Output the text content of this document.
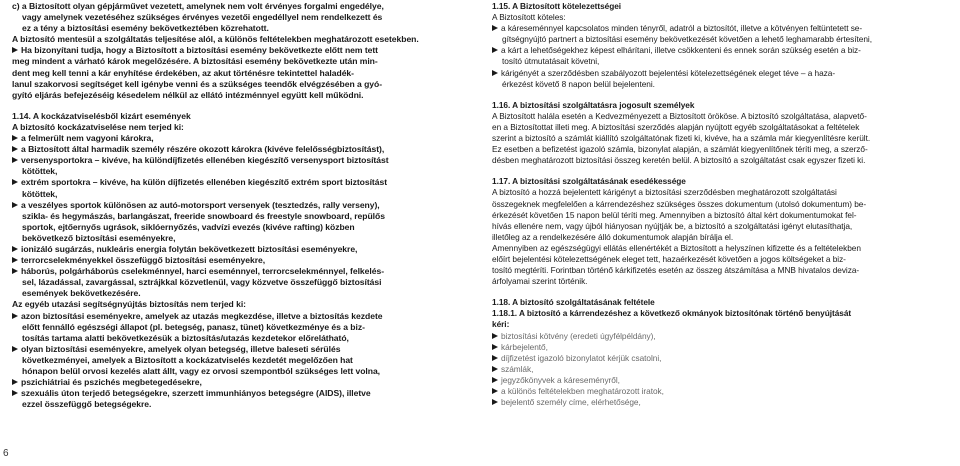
c) a Biztosított olyan gépjárművet vezetett, amelynek nem volt érvényes forgalmi engedélye,
vagy amelynek vezetéséhez szükséges érvényes vezetői engedéllyel nem rendelkezett és
ez a tény a biztosítási esemény bekövetkeztében közrehatott.
A biztosító mentesül a szolgáltatás teljesítése alól, a különös feltételekben meghatározott esetekben.
Ha bizonyítani tudja, hogy a Biztosított a biztosítási esemény bekövetkezte előtt nem tett
meg mindent a várható károk megelőzésére. A biztosítási esemény bekövetkezte után min-
dent meg kell tenni a kár enyhítése érdekében, az akut történésre tekintettel haladék-
lanul szakorvosi segítséget kell igénybe venni és a szükséges teendők elvégzésében a gyó-
gyító eljárás befejezéséig késedelem nélkül az ellátó intézménnyel együtt kell működni.
1.14. A kockázatviselésből kizárt események
A biztosító kockázatviselése nem terjed ki:
a felmerült nem vagyoni károkra,
a Biztosított által harmadik személy részére okozott károkra (kivéve felelősségbiztosítást),
versenysportokra – kivéve, ha különdíjfizetés ellenében kiegészítő versenysport biztosítást
kötöttek,
extrém sportokra – kivéve, ha külön díjfizetés ellenében kiegészítő extrém sport biztosítást
kötöttek,
a veszélyes sportok különösen az autó-motorsport versenyek (tesztedzés, rally verseny),
szikla- és hegymászás, barlangászat, freeride snowboard és freestyle snowboard, repülős
sportok, ejtőernyős ugrások, siklóernyőzés, vadvízi evezés (kivéve rafting) közben
bekövetkező biztosítási eseményekre,
ionizáló sugárzás, nukleáris energia folytán bekövetkezett biztosítási eseményekre,
terrorcselekményekkel összefüggő biztosítási eseményekre,
háborús, polgárháborús cselekménnyel, harci eseménnyel, terrorcselekménnyel, felkelés-
sel, lázadással, zavargással, sztrájkkal közvetlenül, vagy közvetve összefüggő biztosítási
események bekövetkezésére.
Az egyéb utazási segítségnyújtás biztosítás nem terjed ki:
azon biztosítási eseményekre, amelyek az utazás megkezdése, illetve a biztosítás kezdete
előtt fennálló egészségi állapot (pl. betegség, panasz, tünet) következménye és a biz-
tosítás tartama alatti bekövetkezésük a biztosítás/utazás kezdetekor előrelátható,
olyan biztosítási eseményekre, amelyek olyan betegség, illetve baleseti sérülés
következményei, amelyek a Biztosított a kockázatviselés kezdetét megelőzően hat
hónapon belül orvosi kezelés alatt állt, vagy ez orvosi szempontból szükséges lett volna,
pszichiátriai és pszichés megbetegedésekre,
szexuális úton terjedő betegségekre, szerzett immunhiányos betegségre (AIDS), illetve
ezzel összefüggő betegségekre.
1.15. A Biztosított kötelezettségei
A Biztosított köteles:
a káreseménnyel kapcsolatos minden tényről, adatról a biztosítót, illetve a kötvényen feltüntetett se-
gítségnyújtó partnert a biztosítási esemény bekövetkezését követően a lehető leghamarabb értesíteni,
a kárt a lehetőségekhez képest elhárítani, illetve csökkenteni és ennek során szükség esetén a biz-
tosító útmutatásait követni,
kárigényét a szerződésben szabályozott bejelentési kötelezettségének eleget téve – a haza-
érkezést követő 8 napon belül bejelenteni.
1.16. A biztosítási szolgáltatásra jogosult személyek
A Biztosított halála esetén a Kedvezményezett a Biztosított örököse. A biztosító szolgáltatása, alapvető-
en a Biztosítottat illeti meg. A biztosítási szerződés alapján nyújtott egyéb szolgáltatásokat a feltételek
szerint a biztosító a számlát kiállító szolgáltatónak fizeti ki, kivéve, ha a számla már kiegyenlítésre került.
Ez esetben a befizetést igazoló számla, bizonylat alapján, a számlát kiegyenlítőnek téríti meg, a szerző-
désben meghatározott biztosítási összeg keretén belül. A biztosító a szolgáltatást csak egyszer fizeti ki.
1.17. A biztosítási szolgáltatásának esedékessége
A biztosító a hozzá bejelentett kárigényt a biztosítási szerződésben meghatározott szolgáltatási
összegeknek megfelelően a kárrendezéshez szükséges összes dokumentum (utolsó dokumentum) be-
érkezését követően 15 napon belül téríti meg. Amennyiben a biztosító által kért dokumentumokat fel-
hívás ellenére nem, vagy újból hiányosan nyújtják be, a biztosító a szolgáltatási igényt elutasíthatja,
illetőleg az a rendelkezésére álló dokumentumok alapján bírálja el.
Amennyiben az egészségügyi ellátás ellenértékét a Biztosított a helyszínen kifizette és a feltételekben
előírt bejelentési kötelezettségének eleget tett, hazaérkezését követően a jogos költségeket a biz-
tosító megtéríti. Forintban történő kárkifizetés esetén az összeg átszámítása a MNB hivatalos deviza-
árfolyamai szerint történik.
1.18. A biztosító szolgáltatásának feltétele
1.18.1. A biztosító a kárrendezéshez a következő okmányok biztosítónak történő benyújtását
kéri:
biztosítási kötvény (eredeti úgyfélpéldány),
kárbejelentő,
díjfizetést igazoló bizonylatot kérjük csatolni,
számlák,
jegyzőkönyvek a káreseményről,
a különös feltételekben meghatározott iratok,
bejelentő személy címe, elérhetősége,
6
